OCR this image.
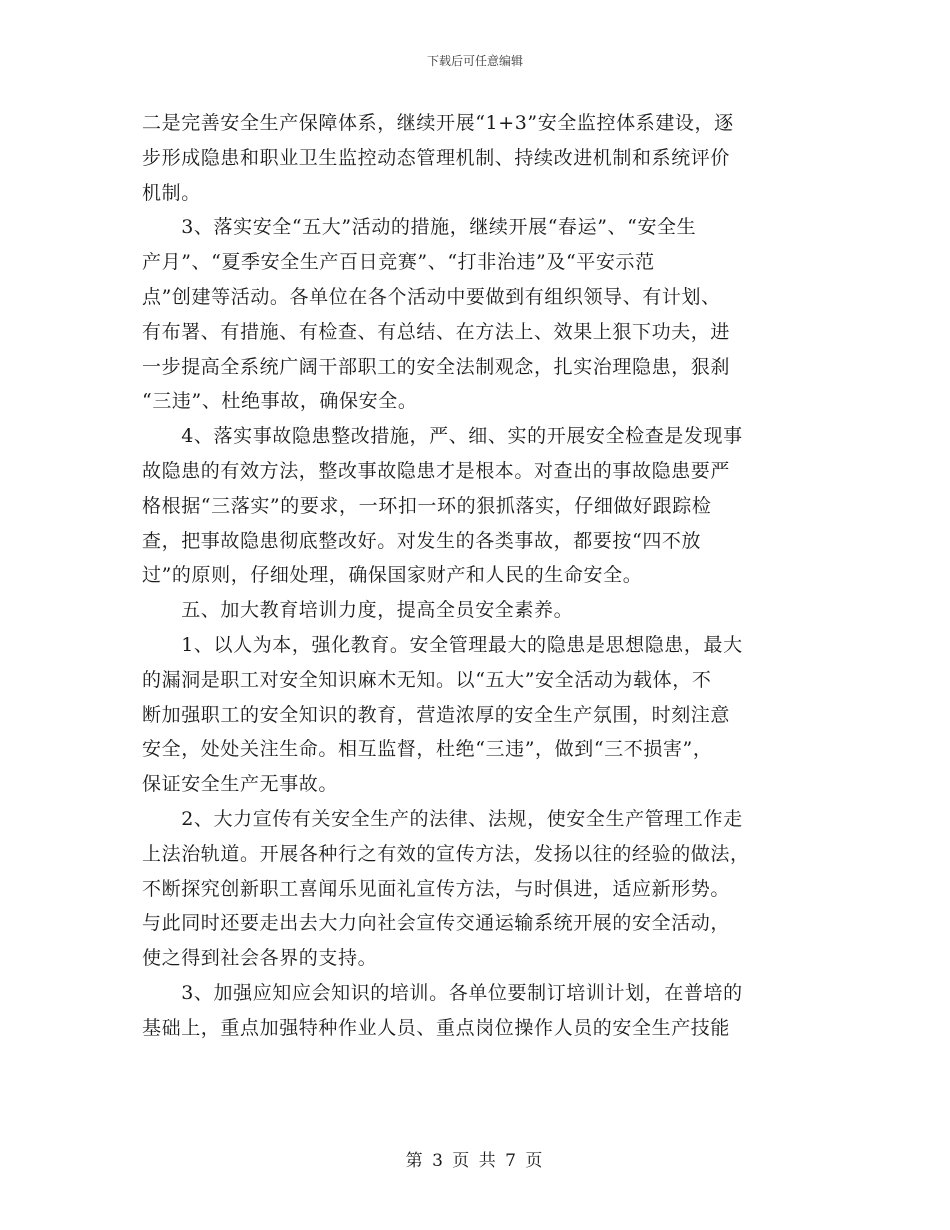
下载后可任意编辑
二是完善安全生产保障体系，继续开展“1+3”安全监控体系建设，逐
步形成隐患和职业卫生监控动态管理机制、持续改进机制和系统评价
机制。
　　3、落实安全“五大”活动的措施，继续开展“春运”、“安全生
产月”、“夏季安全生产百日竞赛”、“打非治违”及“平安示范
点”创建等活动。各单位在各个活动中要做到有组织领导、有计划、
有布署、有措施、有检查、有总结、在方法上、效果上狠下功夫，进
一步提高全系统广阔干部职工的安全法制观念，扎实治理隐患，狠刹
“三违”、杜绝事故，确保安全。
　　4、落实事故隐患整改措施，严、细、实的开展安全检查是发现事
故隐患的有效方法，整改事故隐患才是根本。对查出的事故隐患要严
格根据“三落实”的要求，一环扣一环的狠抓落实，仔细做好跟踪检
查，把事故隐患彻底整改好。对发生的各类事故，都要按“四不放
过”的原则，仔细处理，确保国家财产和人民的生命安全。
　　五、加大教育培训力度，提高全员安全素养。
　　1、以人为本，强化教育。安全管理最大的隐患是思想隐患，最大
的漏洞是职工对安全知识麻木无知。以“五大”安全活动为载体，不
断加强职工的安全知识的教育，营造浓厚的安全生产氛围，时刻注意
安全，处处关注生命。相互监督，杜绝“三违”，做到“三不损害”，
保证安全生产无事故。
　　2、大力宣传有关安全生产的法律、法规，使安全生产管理工作走
上法治轨道。开展各种行之有效的宣传方法，发扬以往的经验的做法，
不断探究创新职工喜闻乐见面礼宣传方法，与时俱进，适应新形势。
与此同时还要走出去大力向社会宣传交通运输系统开展的安全活动，
使之得到社会各界的支持。
　　3、加强应知应会知识的培训。各单位要制订培训计划，在普培的
基础上，重点加强特种作业人员、重点岗位操作人员的安全生产技能
第 3 页 共 7 页
